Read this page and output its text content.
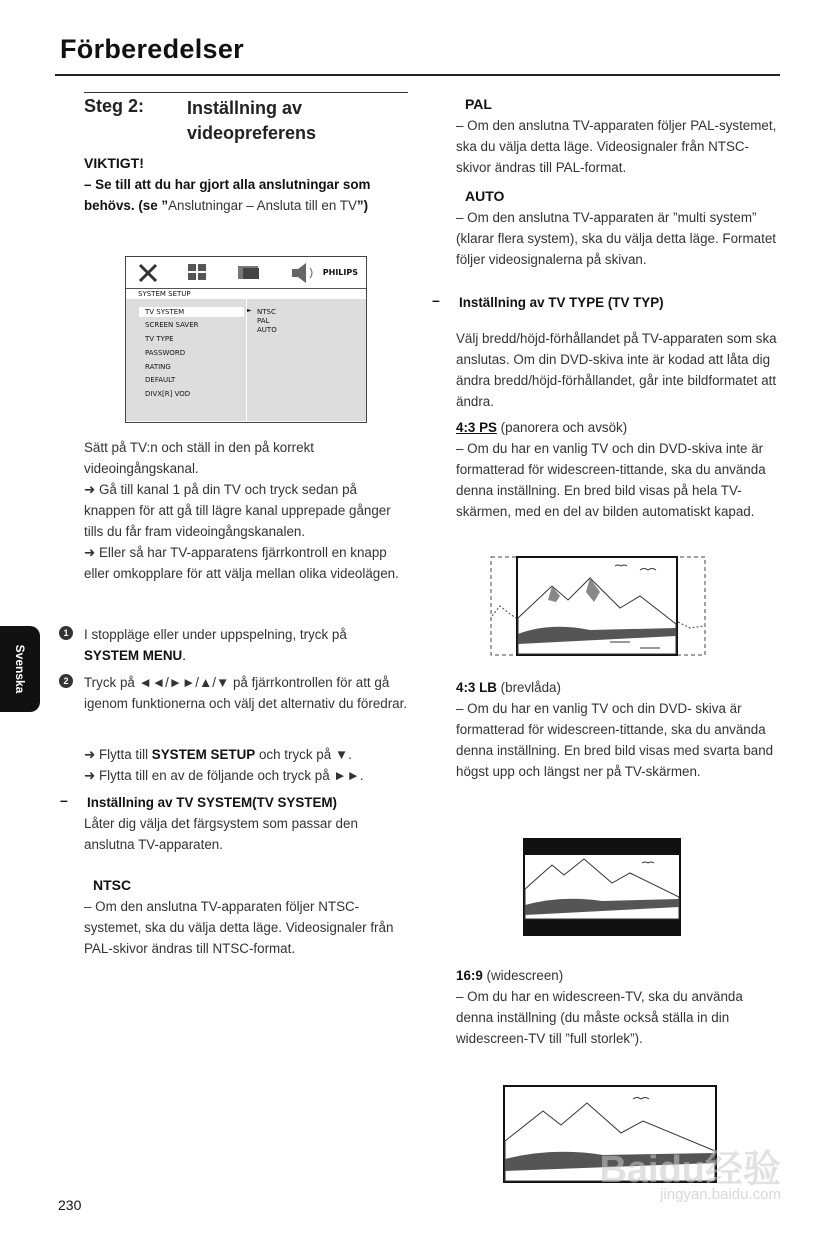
Förberedelser
Steg 2: Inställning av videopreferens
VIKTIGT!
– Se till att du har gjort alla anslutningar som behövs. (se ”Anslutningar – Ansluta till en TV”)
PHILIPS
SYSTEM SETUP
TV SYSTEM
SCREEN SAVER
TV TYPE
PASSWORD
RATING
DEFAULT
DIVX[R] VOD
► NTSC
PAL
AUTO
Sätt på TV:n och ställ in den på korrekt videoingångskanal.
➜ Gå till kanal 1 på din TV och tryck sedan på knappen för att gå till lägre kanal upprepade gånger tills du får fram videoingångskanalen.
➜ Eller så har TV-apparatens fjärrkontroll en knapp eller omkopplare för att välja mellan olika videolägen.
1	I stoppläge eller under uppspelning, tryck på
SYSTEM MENU.
2	Tryck på ◄◄/►►/▲/▼ på fjärrkontrollen för att gå igenom funktionerna och välj det alternativ du föredrar.
➜ Flytta till SYSTEM SETUP och tryck på ▼.
➜ Flytta till en av de följande och tryck på ►►.
– Inställning av TV SYSTEM(TV SYSTEM)
Låter dig välja det färgsystem som passar den anslutna TV-apparaten.
NTSC
– Om den anslutna TV-apparaten följer NTSC-systemet, ska du välja detta läge. Videosignaler från PAL-skivor ändras till NTSC-format.
PAL
– Om den anslutna TV-apparaten följer PAL-systemet, ska du välja detta läge. Videosignaler från NTSC-skivor ändras till PAL-format.
AUTO
– Om den anslutna TV-apparaten är ”multi system” (klarar flera system), ska du välja detta läge. Formatet följer videosignalerna på skivan.
– Inställning av TV TYPE (TV TYP)
Välj bredd/höjd-förhållandet på TV-apparaten som ska anslutas. Om din DVD-skiva inte är kodad att låta dig ändra bredd/höjd-förhållandet, går inte bildformatet att ändra.
4:3 PS (panorera och avsök)
– Om du har en vanlig TV och din DVD-skiva inte är formatterad för widescreen-tittande, ska du använda denna inställning. En bred bild visas på hela TV-skärmen, med en del av bilden automatiskt kapad.
4:3 LB (brevlåda)
– Om du har en vanlig TV och din DVD- skiva är formatterad för widescreen-tittande, ska du använda denna inställning. En bred bild visas med svarta band högst upp och längst ner på TV-skärmen.
16:9 (widescreen)
– Om du har en widescreen-TV, ska du använda denna inställning (du måste också ställa in din widescreen-TV till ”full storlek”).
Svenska
230
Baidu经验
jingyan.baidu.com
